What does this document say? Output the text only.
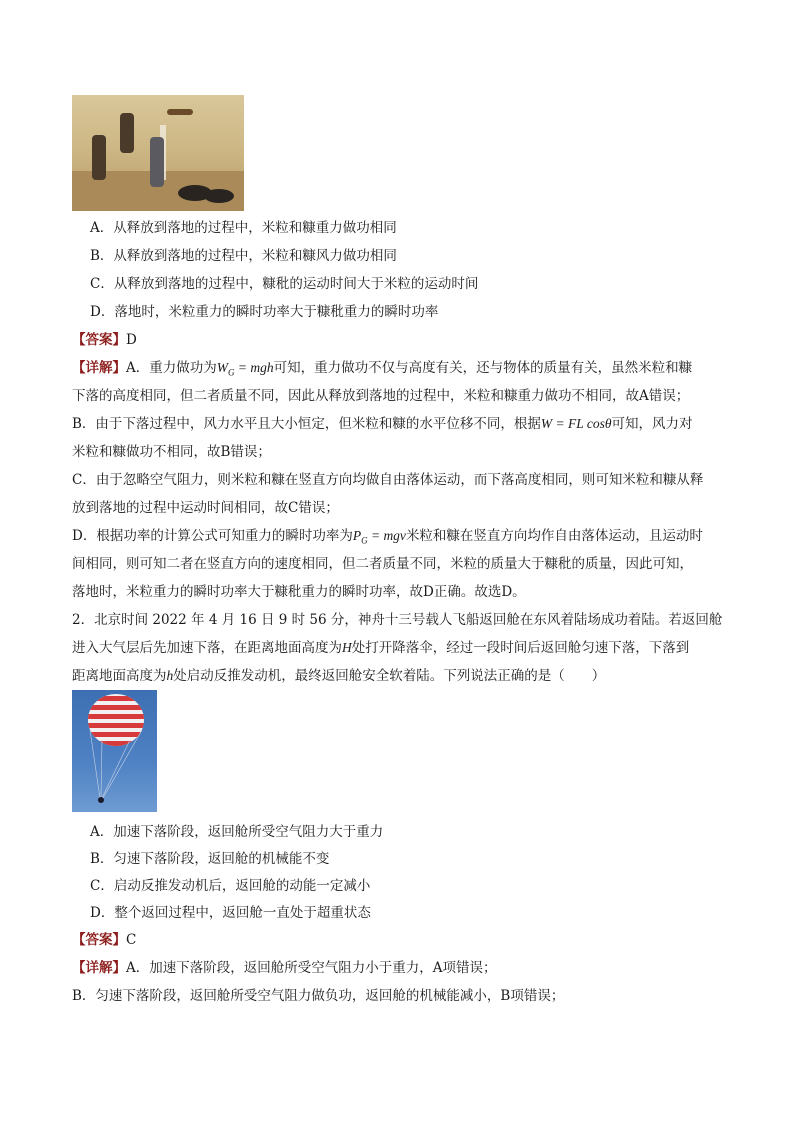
A．从释放到落地的过程中，米粒和糠重力做功相同
B．从释放到落地的过程中，米粒和糠风力做功相同
C．从释放到落地的过程中，糠秕的运动时间大于米粒的运动时间
D．落地时，米粒重力的瞬时功率大于糠秕重力的瞬时功率
【答案】D
【详解】A．重力做功为$W_G$ = mgh可知，重力做功不仅与高度有关，还与物体的质量有关，虽然米粒和糠
下落的高度相同，但二者质量不同，因此从释放到落地的过程中，米粒和糠重力做功不相同，故A错误；
B．由于下落过程中，风力水平且大小恒定，但米粒和糠的水平位移不同，根据W = FL cosθ可知，风力对
米粒和糠做功不相同，故B错误；
C．由于忽略空气阻力，则米粒和糠在竖直方向均做自由落体运动，而下落高度相同，则可知米粒和糠从释
放到落地的过程中运动时间相同，故C错误；
D．根据功率的计算公式可知重力的瞬时功率为$P_G$ = mgv米粒和糠在竖直方向均作自由落体运动，且运动时
间相同，则可知二者在竖直方向的速度相同，但二者质量不同，米粒的质量大于糠秕的质量，因此可知，
落地时，米粒重力的瞬时功率大于糠秕重力的瞬时功率，故D正确。故选D。
2．北京时间 2022 年 4 月 16 日 9 时 56 分，神舟十三号载人飞船返回舱在东风着陆场成功着陆。若返回舱
进入大气层后先加速下落，在距离地面高度为H处打开降落伞，经过一段时间后返回舱匀速下落，下落到
距离地面高度为h处启动反推发动机，最终返回舱安全软着陆。下列说法正确的是（　　）
A．加速下落阶段，返回舱所受空气阻力大于重力
B．匀速下落阶段，返回舱的机械能不变
C．启动反推发动机后，返回舱的动能一定减小
D．整个返回过程中，返回舱一直处于超重状态
【答案】C
【详解】A．加速下落阶段，返回舱所受空气阻力小于重力，A项错误；
B．匀速下落阶段，返回舱所受空气阻力做负功，返回舱的机械能减小，B项错误；
